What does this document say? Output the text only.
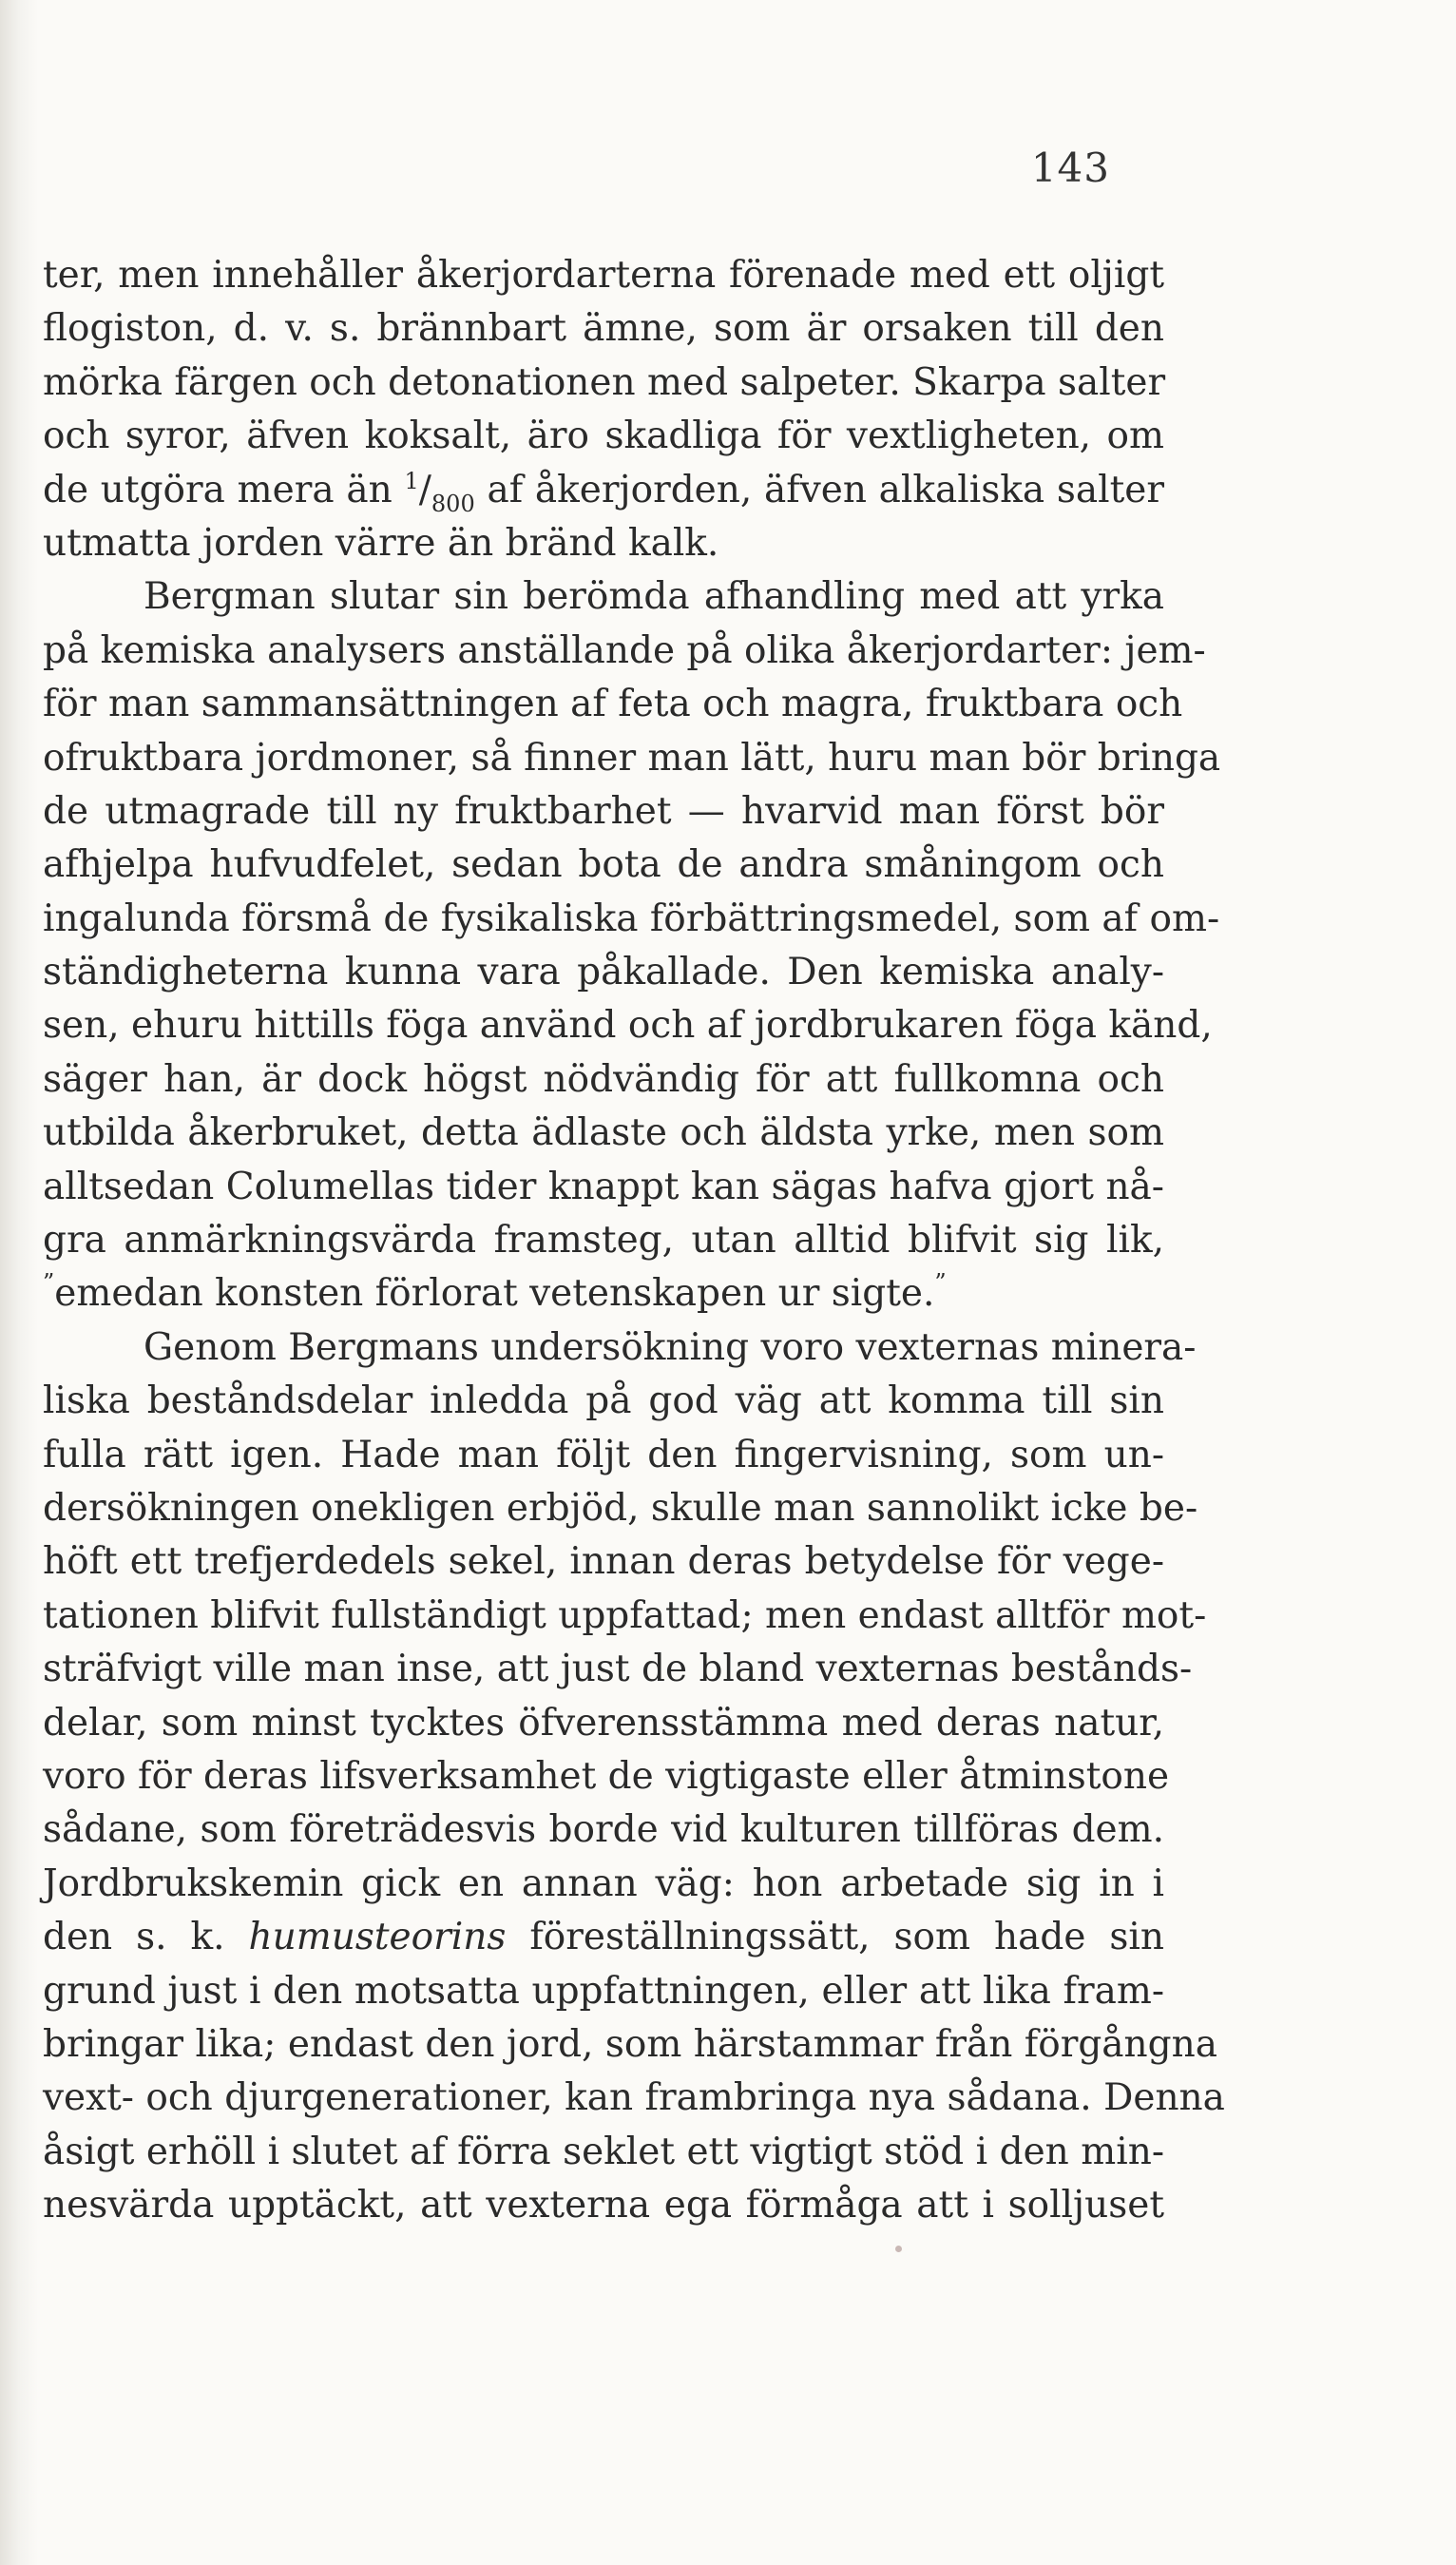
143
ter, men innehåller åkerjordarterna förenade med ett oljigt
flogiston, d. v. s. brännbart ämne, som är orsaken till den
mörka färgen och detonationen med salpeter. Skarpa salter
och syror, äfven koksalt, äro skadliga för vextligheten, om
de utgöra mera än $^1/_{800}$ af åkerjorden, äfven alkaliska salter
utmatta jorden värre än bränd kalk.
Bergman slutar sin berömda afhandling med att yrka
på kemiska analysers anställande på olika åkerjordarter: jem-
för man sammansättningen af feta och magra, fruktbara och
ofruktbara jordmoner, så finner man lätt, huru man bör bringa
de utmagrade till ny fruktbarhet — hvarvid man först bör
afhjelpa hufvudfelet, sedan bota de andra småningom och
ingalunda försmå de fysikaliska förbättringsmedel, som af om-
ständigheterna kunna vara påkallade. Den kemiska analy-
sen, ehuru hittills föga använd och af jordbrukaren föga känd,
säger han, är dock högst nödvändig för att fullkomna och
utbilda åkerbruket, detta ädlaste och äldsta yrke, men som
alltsedan Columellas tider knappt kan sägas hafva gjort nå-
gra anmärkningsvärda framsteg, utan alltid blifvit sig lik,
”emedan konsten förlorat vetenskapen ur sigte.”
Genom Bergmans undersökning voro vexternas minera-
liska beståndsdelar inledda på god väg att komma till sin
fulla rätt igen. Hade man följt den fingervisning, som un-
dersökningen onekligen erbjöd, skulle man sannolikt icke be-
höft ett trefjerdedels sekel, innan deras betydelse för vege-
tationen blifvit fullständigt uppfattad; men endast alltför mot-
sträfvigt ville man inse, att just de bland vexternas bestånds-
delar, som minst tycktes öfverensstämma med deras natur,
voro för deras lifsverksamhet de vigtigaste eller åtminstone
sådane, som företrädesvis borde vid kulturen tillföras dem.
Jordbrukskemin gick en annan väg: hon arbetade sig in i
den s. k. humusteorins föreställningssätt, som hade sin
grund just i den motsatta uppfattningen, eller att lika fram-
bringar lika; endast den jord, som härstammar från förgångna
vext- och djurgenerationer, kan frambringa nya sådana. Denna
åsigt erhöll i slutet af förra seklet ett vigtigt stöd i den min-
nesvärda upptäckt, att vexterna ega förmåga att i solljuset
